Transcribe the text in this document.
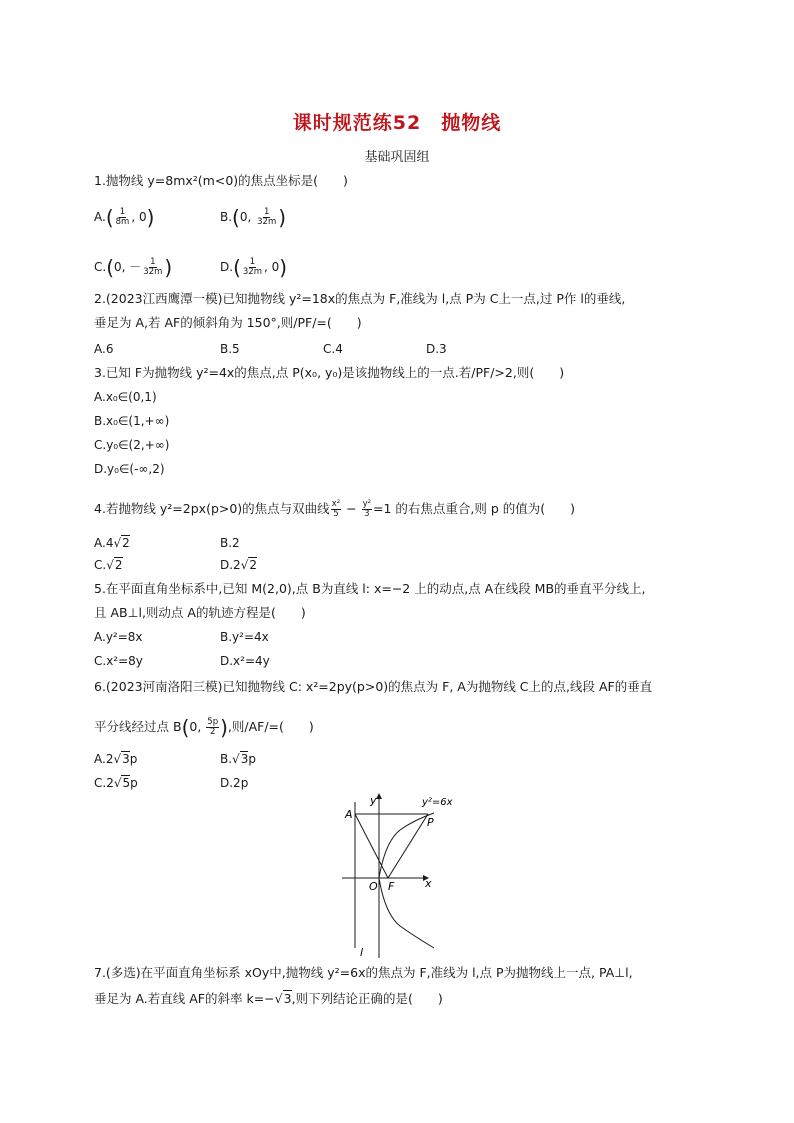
课时规范练52　抛物线
基础巩固组
1.抛物线 y=8mx²(m<0)的焦点坐标是(　　)
$A.( \frac{1}{8m}$ , 0)	B.(0, $\frac{1}{32m}$ )
C.(0, － $\frac{1}{32m}$ )	$D.( \frac{1}{32m}$ , 0)
2.(2023江西鹰潭一模)已知抛物线 y²=18x的焦点为 F,准线为 l,点 P为 C上一点,过 P作 l的垂线,
垂足为 A,若 AF的倾斜角为 150°,则/PF/=(　　)
A.6	B.5	C.4	D.3
3.已知 F为抛物线 y²=4x的焦点,点 P(x₀, y₀)是该抛物线上的一点.若/PF/>2,则(　　)
A.x₀∈(0,1)
B.x₀∈(1,+∞)
C.y₀∈(2,+∞)
D.y₀∈(-∞,2)
4.若抛物线 y²=2px(p>0)的焦点与双曲线 $\frac{\text{x²}}{5} - \frac{\text{y²}}{3} =1$ 的右焦点重合,则 p 的值为(　　)
A.4√2	B.2
C.√2	D.2√2
5.在平面直角坐标系中,已知 M(2,0),点 B为直线 l: x=−2 上的动点,点 A在线段 MB的垂直平分线上,
且 AB⊥l,则动点 A的轨迹方程是(　　)
A.y²=8x	B.y²=4x
C.x²=8y	D.x²=4y
6.(2023河南洛阳三模)已知抛物线 C: x²=2py(p>0)的焦点为 F, A为抛物线 C上的点,线段 AF的垂直
平分线经过点 B(0, $\frac{5p}{2}$ ),则/AF/=(　　)
A.2√3p	B.√3p
C.2√5p	D.2p
y	y²=6x
A
P
O F	x
l
7.(多选)在平面直角坐标系 xOy中,抛物线 y²=6x的焦点为 F,准线为 l,点 P为抛物线上一点, PA⊥l,
垂足为 A.若直线 AF的斜率 k=−√3,则下列结论正确的是(　　)
